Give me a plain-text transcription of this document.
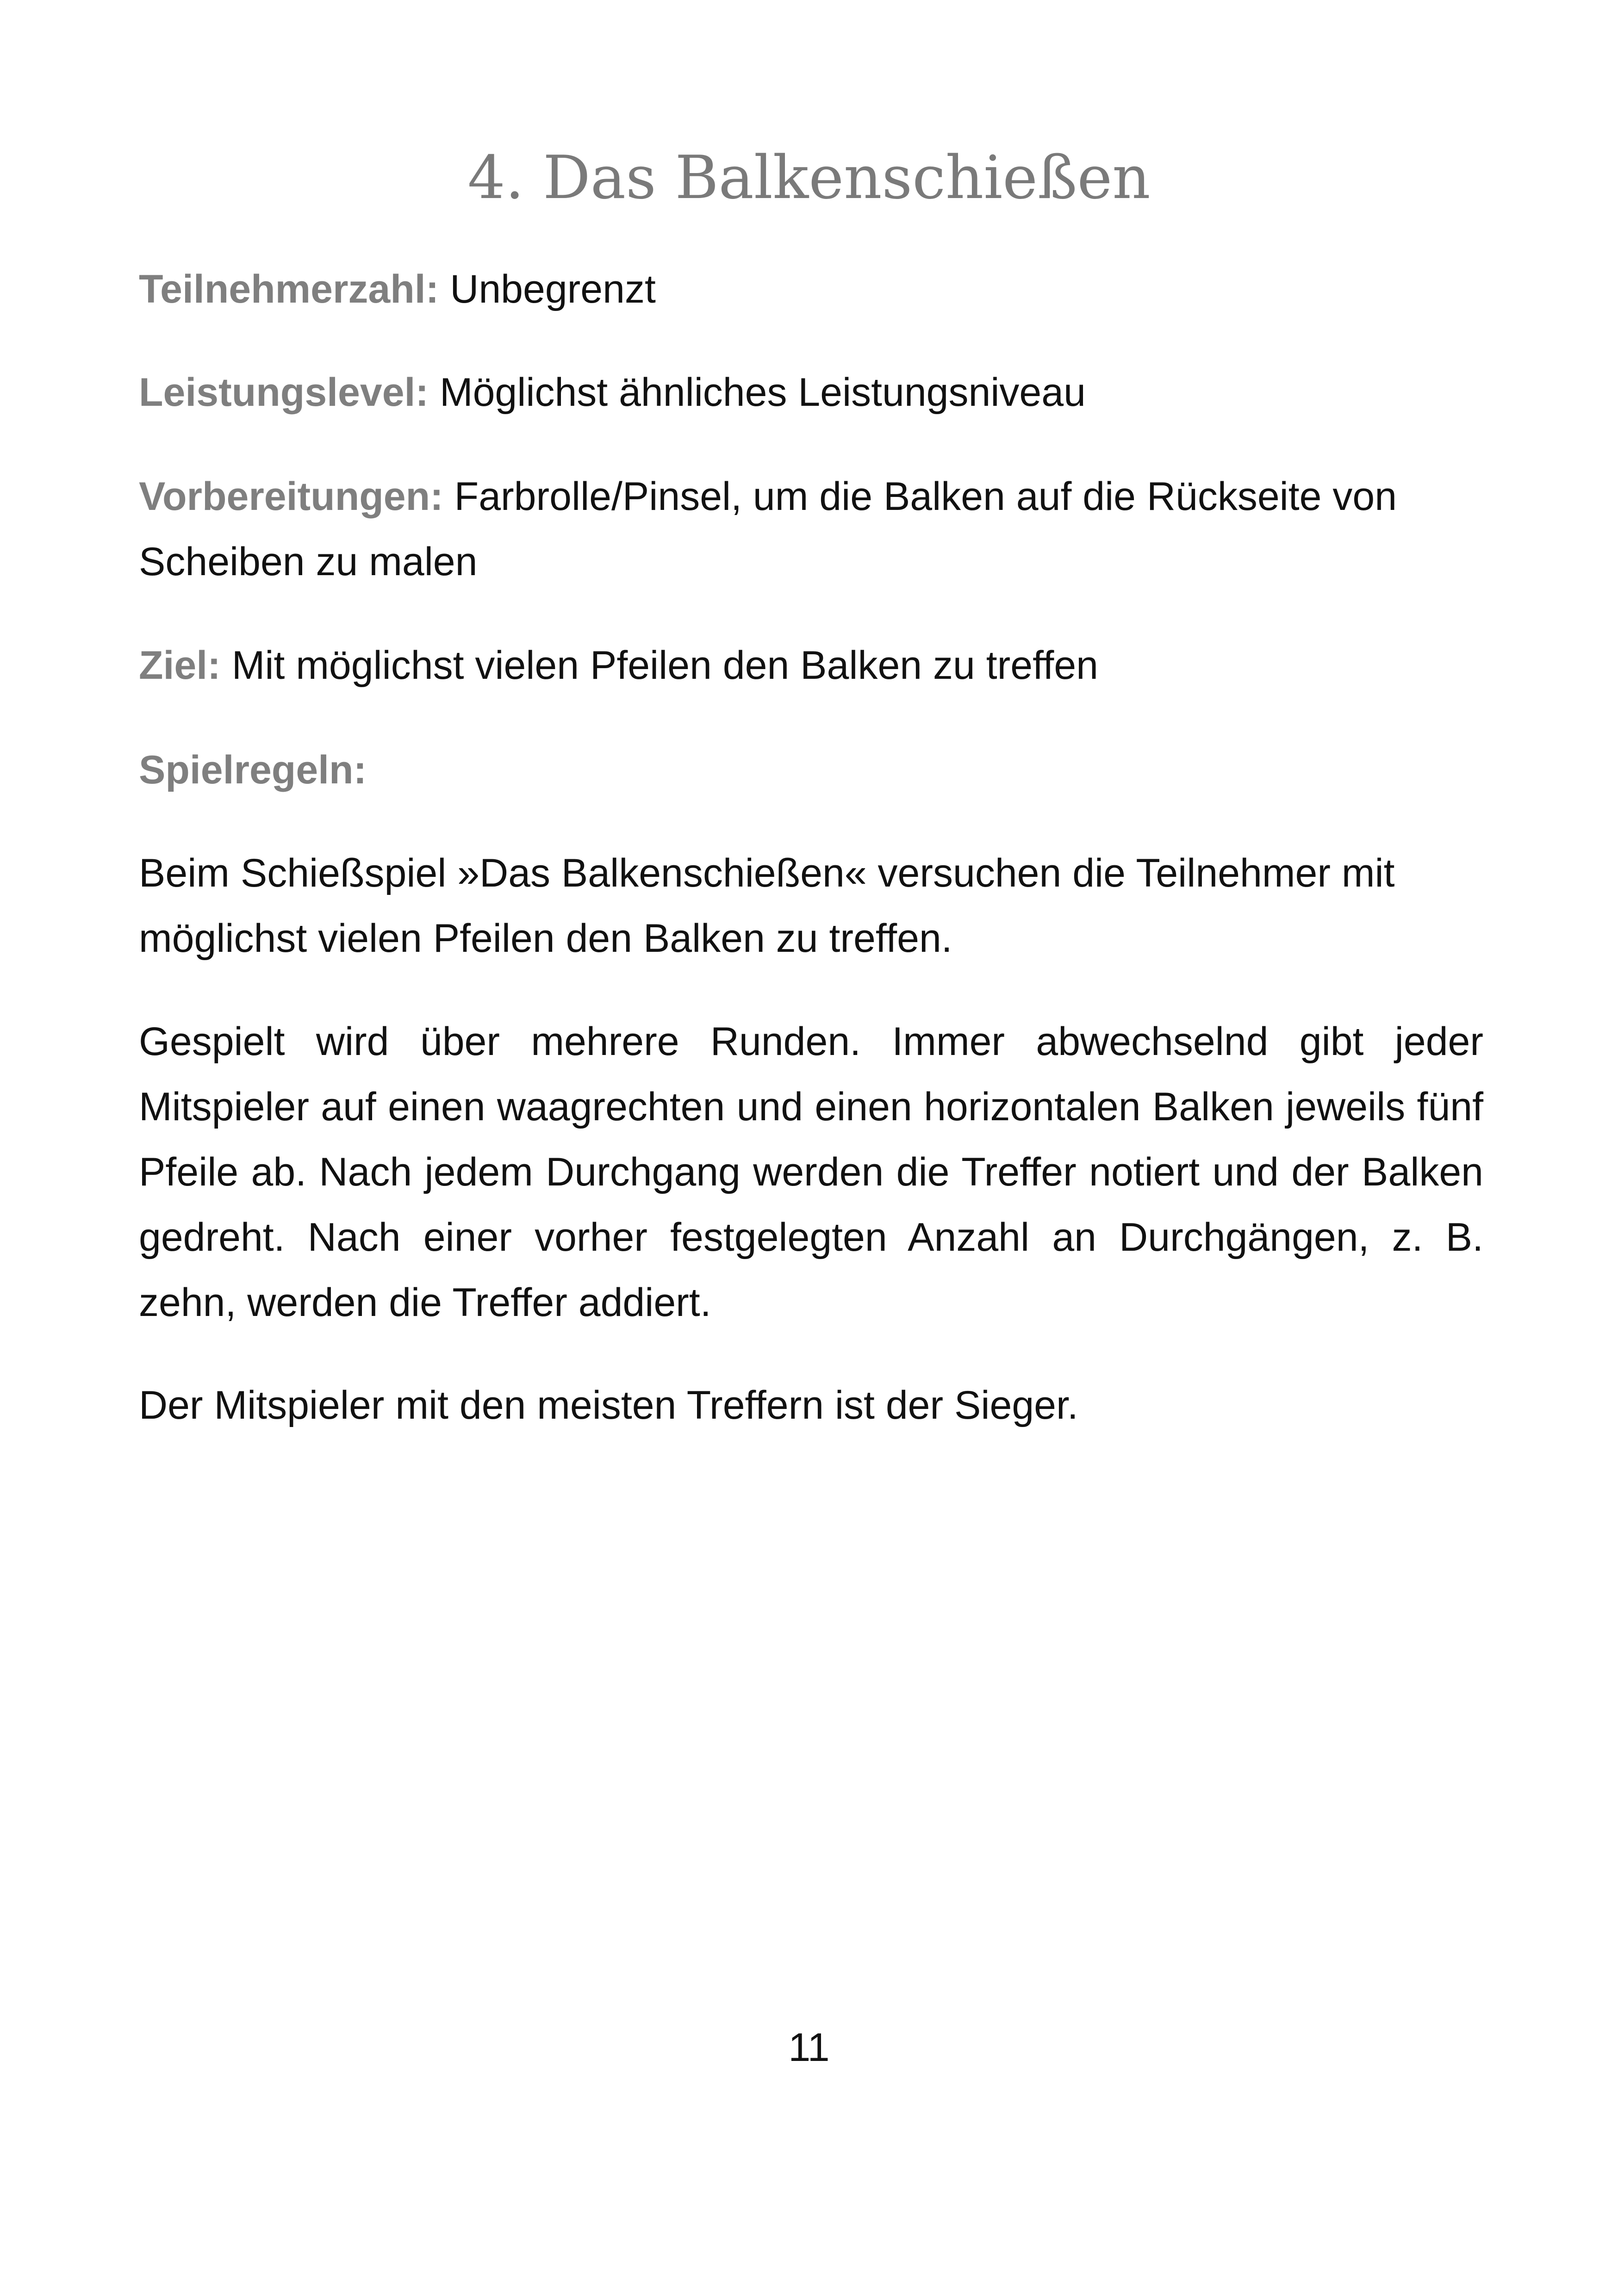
4. Das Balkenschießen

Teilnehmerzahl: Unbegrenzt

Leistungslevel: Möglichst ähnliches Leistungsniveau

Vorbereitungen: Farbrolle/Pinsel, um die Balken auf die Rückseite von Scheiben zu malen

Ziel: Mit möglichst vielen Pfeilen den Balken zu treffen

Spielregeln:

Beim Schießspiel »Das Balkenschießen« versuchen die Teilnehmer mit möglichst vielen Pfeilen den Balken zu treffen.

Gespielt wird über mehrere Runden. Immer abwechselnd gibt jeder Mitspieler auf einen waagrechten und einen horizontalen Balken jeweils fünf Pfeile ab. Nach jedem Durchgang werden die Treffer notiert und der Balken gedreht. Nach einer vorher festgelegten Anzahl an Durchgängen, z. B. zehn, werden die Treffer addiert.

Der Mitspieler mit den meisten Treffern ist der Sieger.

11
